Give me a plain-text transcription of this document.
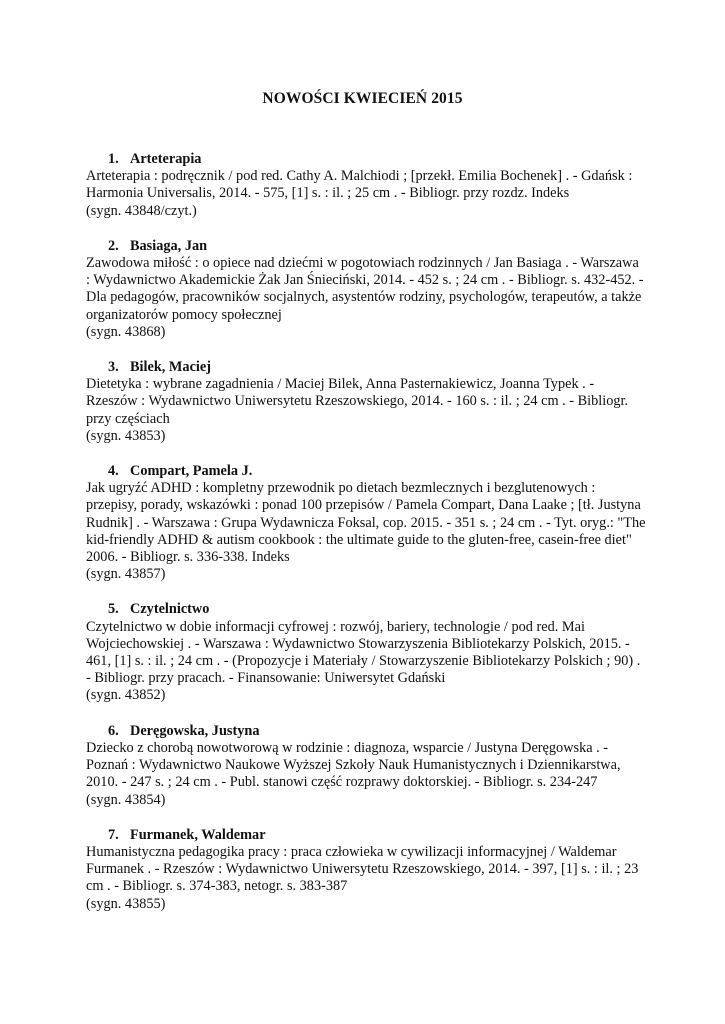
NOWOŚCI KWIECIEŃ 2015
1. Arteterapia
Arteterapia : podręcznik / pod red. Cathy A. Malchiodi ; [przekł. Emilia Bochenek] . - Gdańsk : Harmonia Universalis, 2014. - 575, [1] s. : il. ; 25 cm . - Bibliogr. przy rozdz. Indeks
(sygn. 43848/czyt.)
2. Basiaga, Jan
Zawodowa miłość : o opiece nad dziećmi w pogotowiach rodzinnych / Jan Basiaga . - Warszawa : Wydawnictwo Akademickie Żak Jan Śnieciński, 2014. - 452 s. ; 24 cm . - Bibliogr. s. 432-452. - Dla pedagogów, pracowników socjalnych, asystentów rodziny, psychologów, terapeutów, a także organizatorów pomocy społecznej
(sygn. 43868)
3. Bilek, Maciej
Dietetyka : wybrane zagadnienia / Maciej Bilek, Anna Pasternakiewicz, Joanna Typek . - Rzeszów : Wydawnictwo Uniwersytetu Rzeszowskiego, 2014. - 160 s. : il. ; 24 cm . - Bibliogr. przy częściach
(sygn. 43853)
4. Compart, Pamela J.
Jak ugryźć ADHD : kompletny przewodnik po dietach bezmlecznych i bezglutenowych : przepisy, porady, wskazówki : ponad 100 przepisów / Pamela Compart, Dana Laake ; [tł. Justyna Rudnik] . - Warszawa : Grupa Wydawnicza Foksal, cop. 2015. - 351 s. ; 24 cm . - Tyt. oryg.: "The kid-friendly ADHD & autism cookbook : the ultimate guide to the gluten-free, casein-free diet" 2006. - Bibliogr. s. 336-338. Indeks
(sygn. 43857)
5. Czytelnictwo
Czytelnictwo w dobie informacji cyfrowej : rozwój, bariery, technologie / pod red. Mai Wojciechowskiej . - Warszawa : Wydawnictwo Stowarzyszenia Bibliotekarzy Polskich, 2015. - 461, [1] s. : il. ; 24 cm . - (Propozycje i Materiały / Stowarzyszenie Bibliotekarzy Polskich ; 90) . - Bibliogr. przy pracach. - Finansowanie: Uniwersytet Gdański
(sygn. 43852)
6. Deręgowska, Justyna
Dziecko z chorobą nowotworową w rodzinie : diagnoza, wsparcie / Justyna Deręgowska . - Poznań : Wydawnictwo Naukowe Wyższej Szkoły Nauk Humanistycznych i Dziennikarstwa, 2010. - 247 s. ; 24 cm . - Publ. stanowi część rozprawy doktorskiej. - Bibliogr. s. 234-247
(sygn. 43854)
7. Furmanek, Waldemar
Humanistyczna pedagogika pracy : praca człowieka w cywilizacji informacyjnej / Waldemar Furmanek . - Rzeszów : Wydawnictwo Uniwersytetu Rzeszowskiego, 2014. - 397, [1] s. : il. ; 23 cm . - Bibliogr. s. 374-383, netogr. s. 383-387
(sygn. 43855)
